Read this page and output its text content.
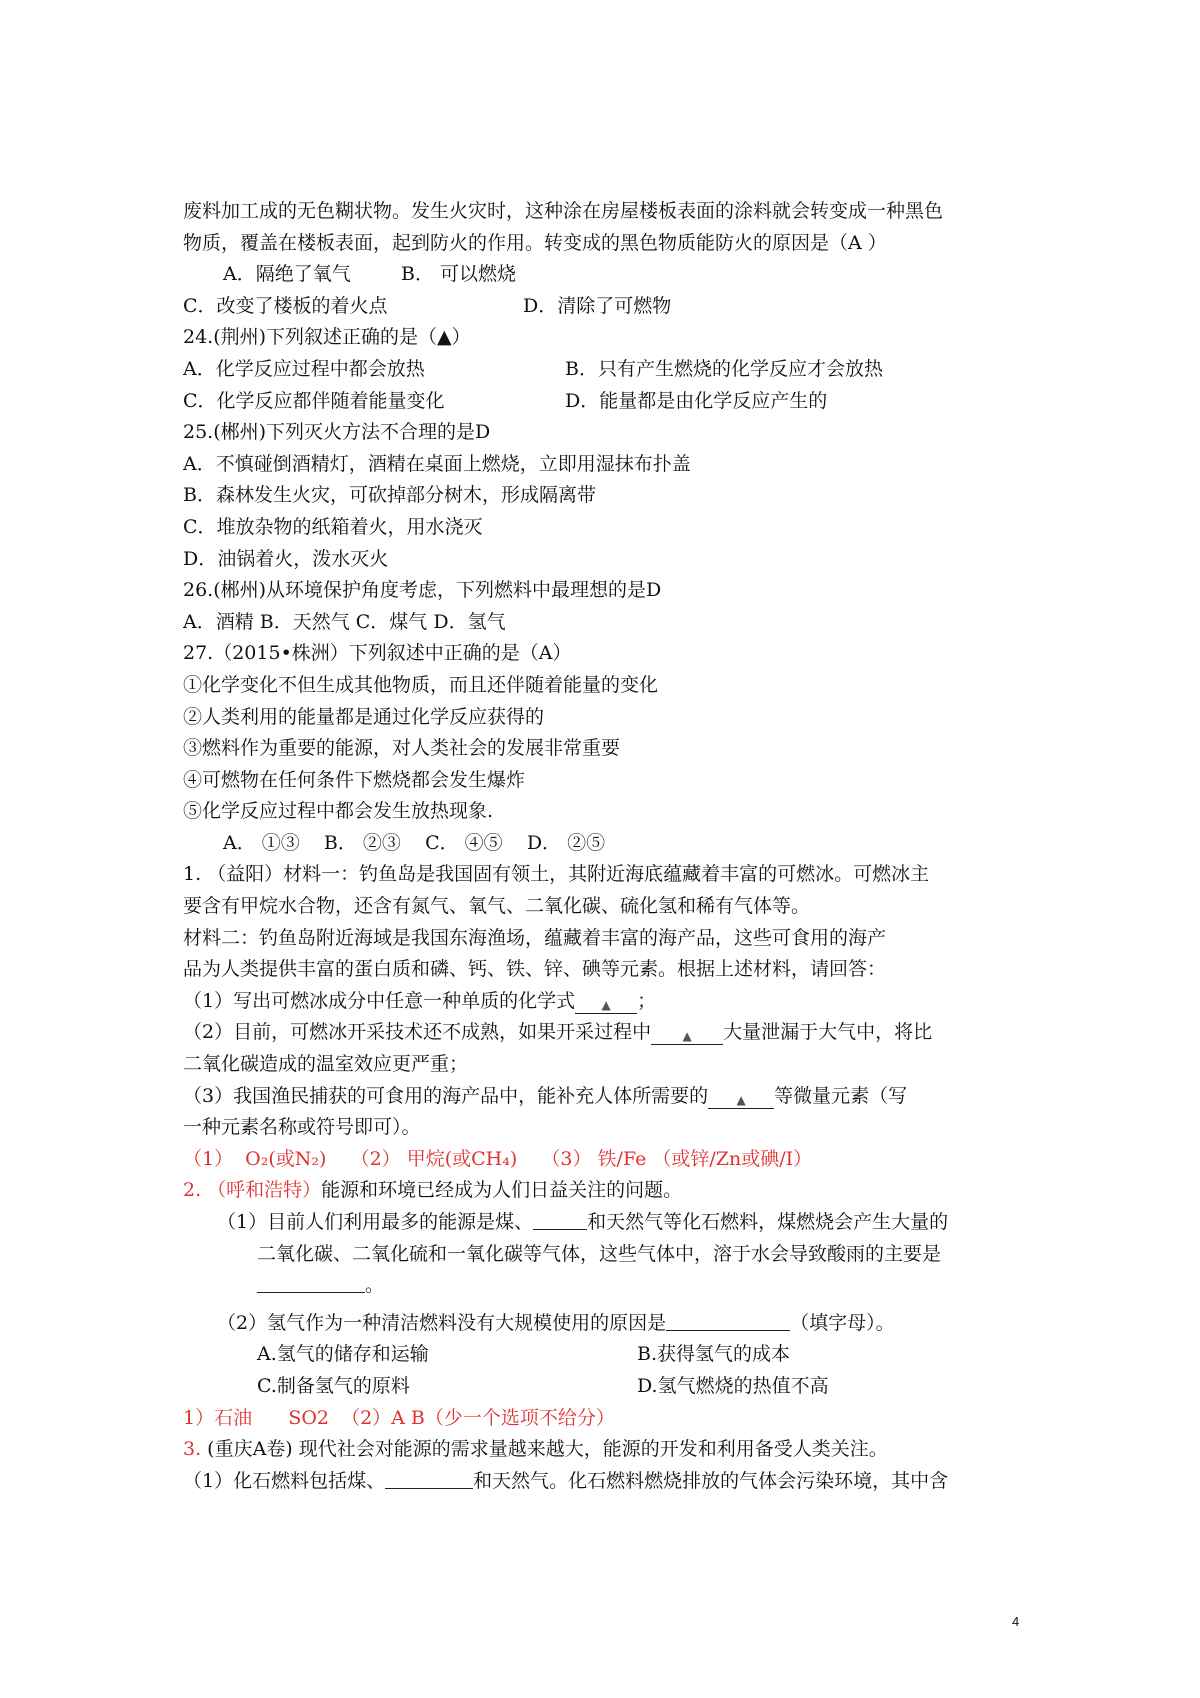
废料加工成的无色糊状物。发生火灾时，这种涂在房屋楼板表面的涂料就会转变成一种黑色
物质，覆盖在楼板表面，起到防火的作用。转变成的黑色物质能防火的原因是（A ）
A．隔绝了氧气	B． 可以燃烧
C．改变了楼板的着火点	D．清除了可燃物
24.(荆州)下列叙述正确的是（▲）
A．化学反应过程中都会放热	B．只有产生燃烧的化学反应才会放热
C．化学反应都伴随着能量变化	D．能量都是由化学反应产生的
25.(郴州)下列灭火方法不合理的是D
A．不慎碰倒酒精灯，酒精在桌面上燃烧，立即用湿抹布扑盖
B．森林发生火灾，可砍掉部分树木，形成隔离带
C．堆放杂物的纸箱着火，用水浇灭
D．油锅着火，泼水灭火
26.(郴州)从环境保护角度考虑，下列燃料中最理想的是D
A．酒精 B．天然气 C．煤气 D．氢气
27.（2015•株洲）下列叙述中正确的是（A）
①化学变化不但生成其他物质，而且还伴随着能量的变化
②人类利用的能量都是通过化学反应获得的
③燃料作为重要的能源，对人类社会的发展非常重要
④可燃物在任何条件下燃烧都会发生爆炸
⑤化学反应过程中都会发生放热现象.
A． ①③    B． ②③    C． ④⑤    D． ②⑤
1. （益阳）材料一：钓鱼岛是我国固有领土，其附近海底蕴藏着丰富的可燃冰。可燃冰主
要含有甲烷水合物，还含有氮气、氧气、二氧化碳、硫化氢和稀有气体等。
材料二：钓鱼岛附近海域是我国东海渔场，蕴藏着丰富的海产品，这些可食用的海产
品为人类提供丰富的蛋白质和磷、钙、铁、锌、碘等元素。根据上述材料，请回答：
（1）写出可燃冰成分中任意一种单质的化学式 ▲ ；
（2）目前，可燃冰开采技术还不成熟，如果开采过程中	▲ 大量泄漏于大气中，将比
二氧化碳造成的温室效应更严重；
（3）我国渔民捕获的可食用的海产品中，能补充人体所需要的 ▲ 等微量元素（写
一种元素名称或符号即可）。
（1）  O₂(或N₂)    （2） 甲烷(或CH₄)    （3） 铁/Fe （或锌/Zn或碘/I）
2. （呼和浩特）能源和环境已经成为人们日益关注的问题。
（1）目前人们利用最多的能源是煤、	和天然气等化石燃料，煤燃烧会产生大量的
二氧化碳、二氧化硫和一氧化碳等气体，这些气体中，溶于水会导致酸雨的主要是
。
（2）氢气作为一种清洁燃料没有大规模使用的原因是	（填字母）。
A.氢气的储存和运输	B.获得氢气的成本
C.制备氢气的原料	D.氢气燃烧的热值不高
1）石油      SO2  （2）A B（少一个选项不给分）
3. (重庆A卷) 现代社会对能源的需求量越来越大，能源的开发和利用备受人类关注。
（1）化石燃料包括煤、	和天然气。化石燃料燃烧排放的气体会污染环境，其中含
4
